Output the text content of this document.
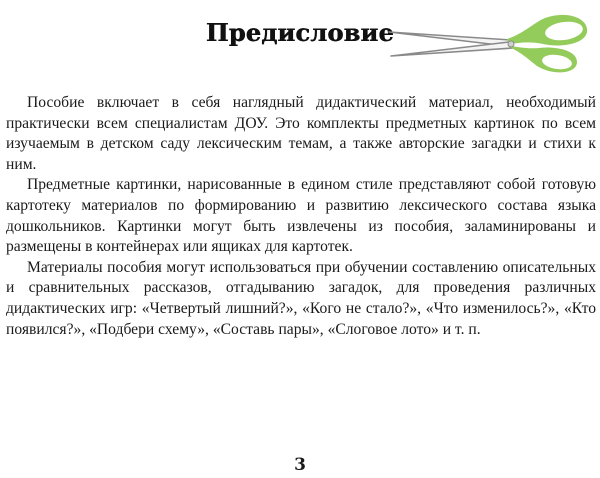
Предисловие

Пособие включает в себя наглядный дидактический материал, необходимый практически всем специалистам ДОУ. Это комплекты предметных картинок по всем изучаемым в детском саду лексическим темам, а также авторские загадки и стихи к ним.

Предметные картинки, нарисованные в едином стиле представляют собой готовую картотеку материалов по формированию и развитию лексического состава языка дошкольников. Картинки могут быть извлечены из пособия, заламинированы и размещены в контейнерах или ящиках для картотек.

Материалы пособия могут использоваться при обучении составлению описательных и сравнительных рассказов, отгадыванию загадок, для проведения различных дидактических игр: «Четвертый лишний?», «Кого не стало?», «Что изменилось?», «Кто появился?», «Подбери схему», «Составь пары», «Слоговое лото» и т. п.

3
